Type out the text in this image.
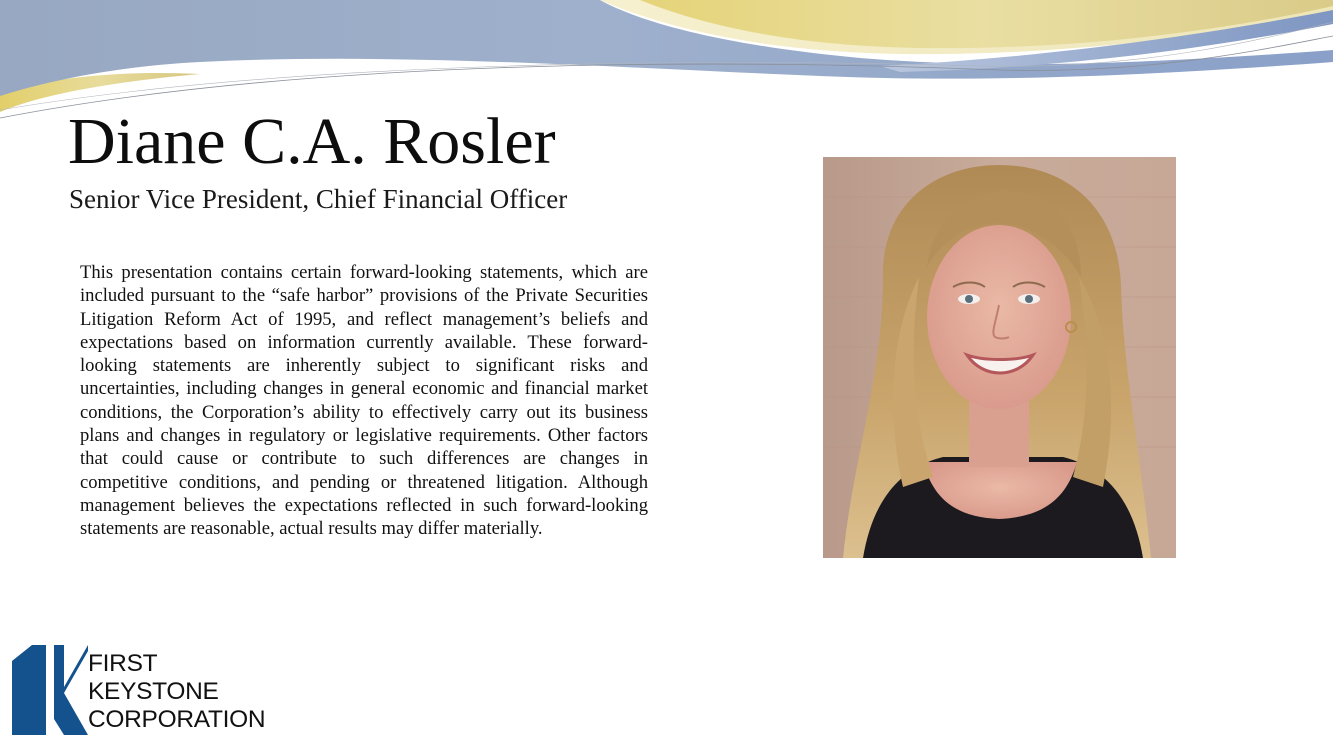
Diane C.A. Rosler

Senior Vice President, Chief Financial Officer

This presentation contains certain forward-looking statements, which are included pursuant to the “safe harbor” provisions of the Private Securities Litigation Reform Act of 1995, and reflect management’s beliefs and expectations based on information currently available. These forward-looking statements are inherently subject to significant risks and uncertainties, including changes in general economic and financial market conditions, the Corporation’s ability to effectively carry out its business plans and changes in regulatory or legislative requirements. Other factors that could cause or contribute to such differences are changes in competitive conditions, and pending or threatened litigation. Although management believes the expectations reflected in such forward-looking statements are reasonable, actual results may differ materially.

FIRST
KEYSTONE
CORPORATION
